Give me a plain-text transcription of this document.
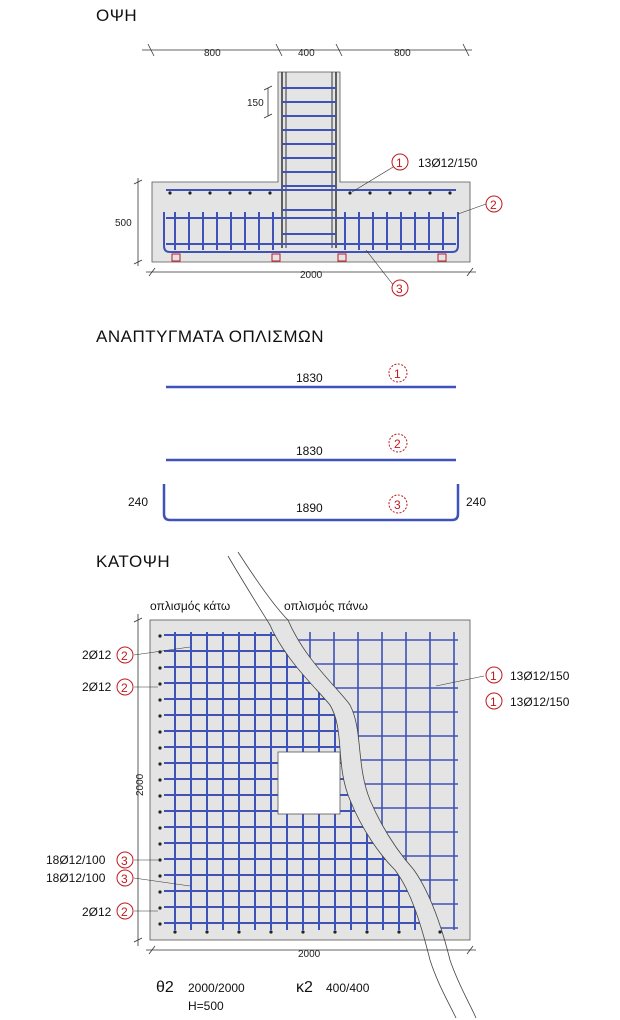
ΟΨΗ
ΑΝΑΠΤΥΓΜΑΤΑ ΟΠΛΙΣΜΩΝ
ΚΑΤΟΨΗ
800	400	800
150
500
2000
1 13Ø12/150
2
3
1830	1
1830	2
1890
240	240
3
οπλισμός κάτω	οπλισμός πάνω
2Ø12 2
2Ø12 2
18Ø12/100 3
18Ø12/100 3
2Ø12 2
1 13Ø12/150
1 13Ø12/150
2000
2000
θ2 2000/2000
H=500
κ2 400/400
